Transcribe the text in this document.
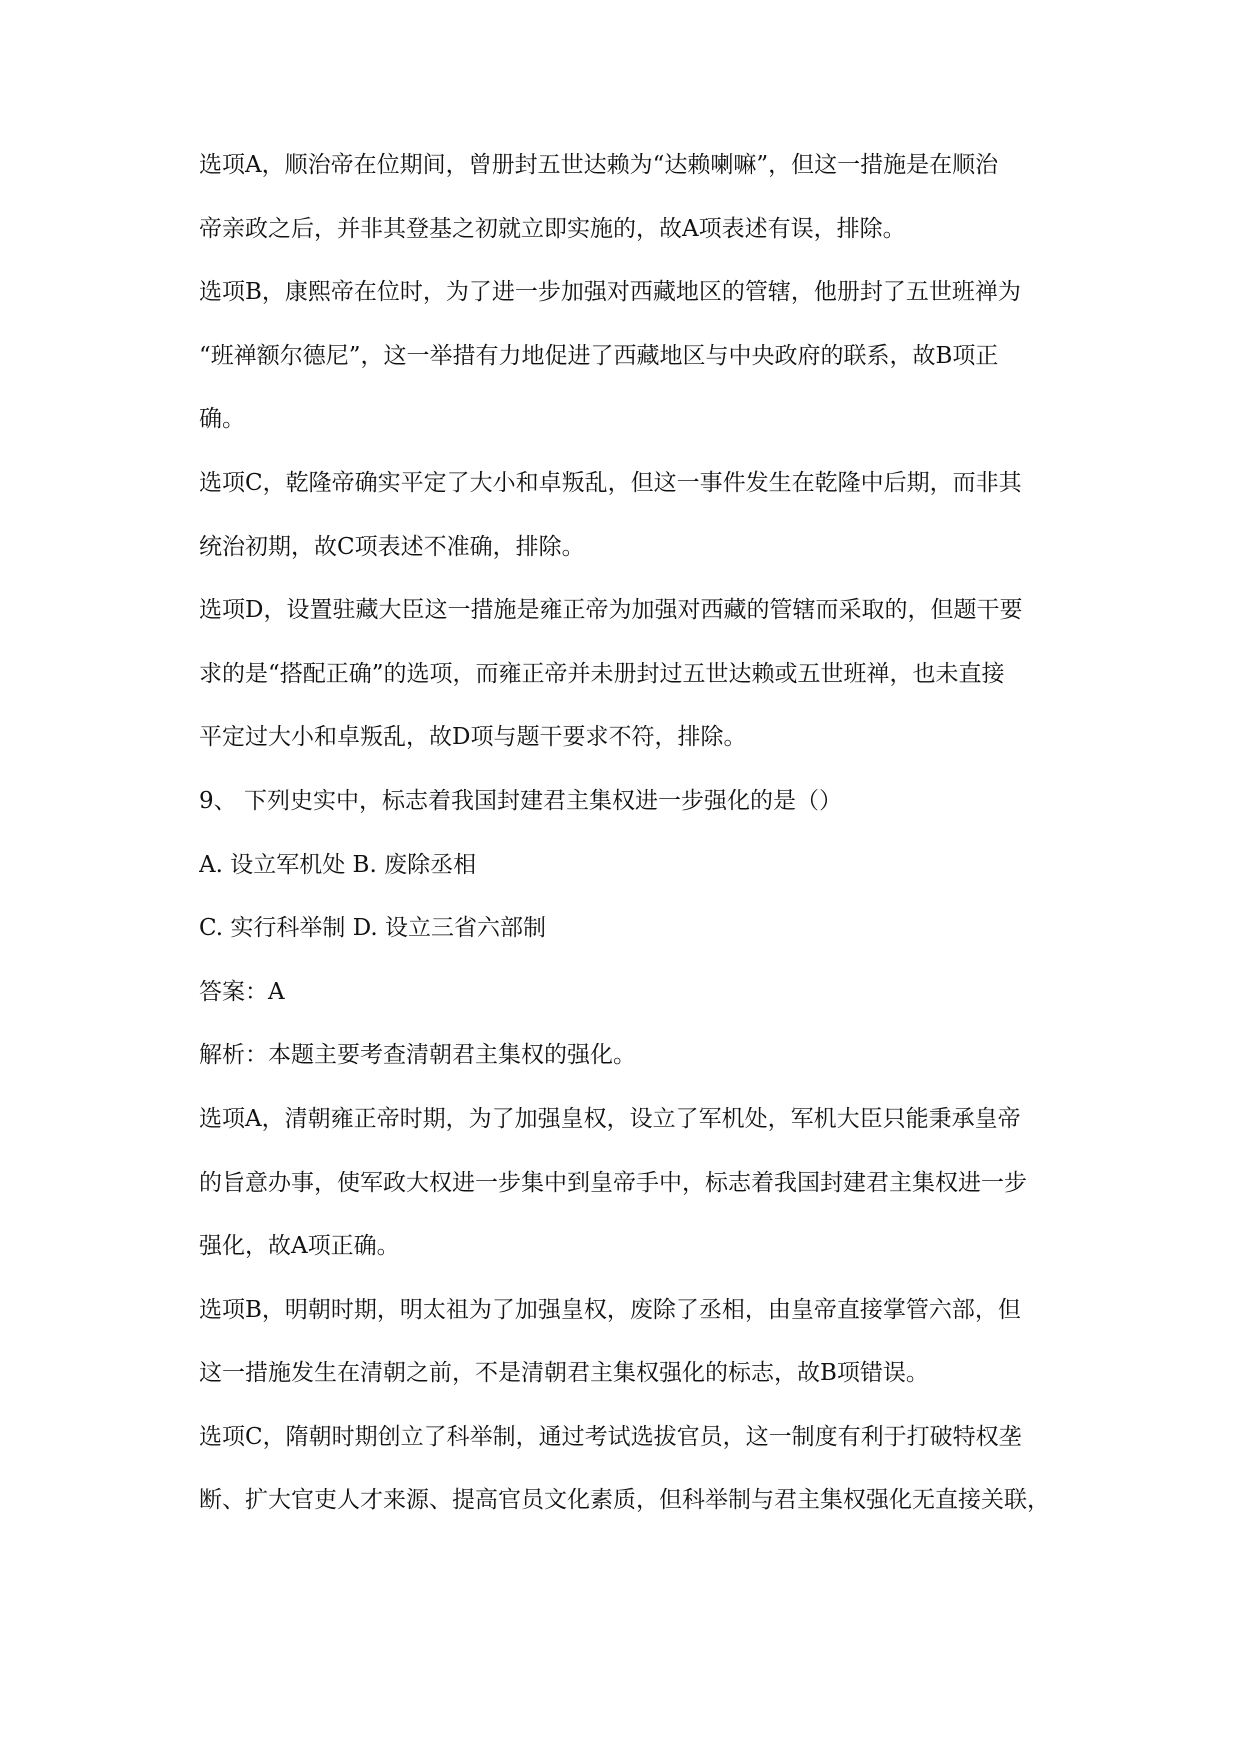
选项A，顺治帝在位期间，曾册封五世达赖为“达赖喇嘛”，但这一措施是在顺治
帝亲政之后，并非其登基之初就立即实施的，故A项表述有误，排除。
选项B，康熙帝在位时，为了进一步加强对西藏地区的管辖，他册封了五世班禅为
“班禅额尔德尼”，这一举措有力地促进了西藏地区与中央政府的联系，故B项正
确。
选项C，乾隆帝确实平定了大小和卓叛乱，但这一事件发生在乾隆中后期，而非其
统治初期，故C项表述不准确，排除。
选项D，设置驻藏大臣这一措施是雍正帝为加强对西藏的管辖而采取的，但题干要
求的是“搭配正确”的选项，而雍正帝并未册封过五世达赖或五世班禅，也未直接
平定过大小和卓叛乱，故D项与题干要求不符，排除。
9、 下列史实中，标志着我国封建君主集权进一步强化的是（）
A. 设立军机处 B. 废除丞相
C. 实行科举制 D. 设立三省六部制
答案：A
解析：本题主要考查清朝君主集权的强化。
选项A，清朝雍正帝时期，为了加强皇权，设立了军机处，军机大臣只能秉承皇帝
的旨意办事，使军政大权进一步集中到皇帝手中，标志着我国封建君主集权进一步
强化，故A项正确。
选项B，明朝时期，明太祖为了加强皇权，废除了丞相，由皇帝直接掌管六部，但
这一措施发生在清朝之前，不是清朝君主集权强化的标志，故B项错误。
选项C，隋朝时期创立了科举制，通过考试选拔官员，这一制度有利于打破特权垄
断、扩大官吏人才来源、提高官员文化素质，但科举制与君主集权强化无直接关联，
